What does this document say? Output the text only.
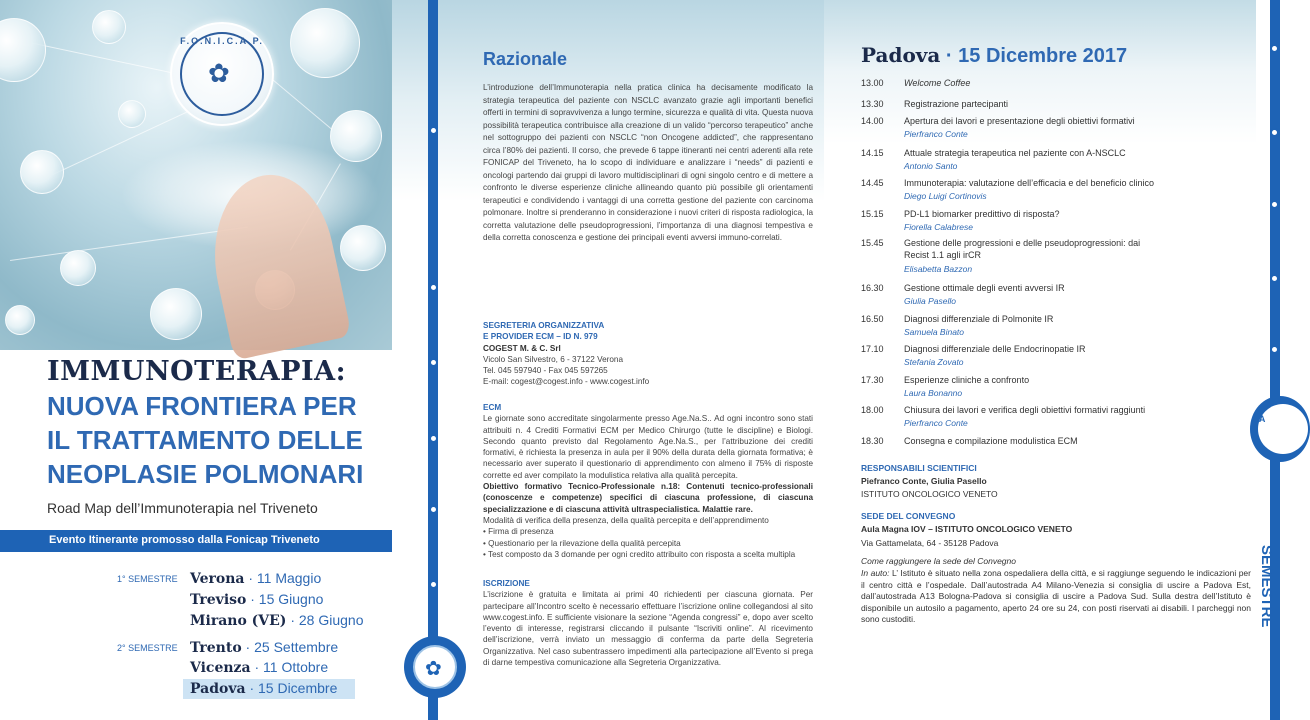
F.O.N.I.C.A.P.
✿
IMMUNOTERAPIA:
NUOVA FRONTIERA PER
IL TRATTAMENTO DELLE
NEOPLASIE POLMONARI
Road Map dell’Immunoterapia nel Triveneto
Evento Itinerante promosso dalla Fonicap Triveneto
1° SEMESTRE
2° SEMESTRE
Verona · 11 Maggio
Treviso · 15 Giugno
Mirano (VE) · 28 Giugno
Trento · 25 Settembre
Vicenza · 11 Ottobre
Padova · 15 Dicembre
✿
Razionale
L’introduzione dell’Immunoterapia nella pratica clinica ha decisamente modificato la strategia terapeutica del paziente con NSCLC avanzato grazie agli importanti benefici offerti in termini di sopravvivenza a lungo termine, sicurezza e qualità di vita. Questa nuova possibilità terapeutica contribuisce alla creazione di un valido “percorso terapeutico” anche nel sottogruppo dei pazienti con NSCLC “non Oncogene addicted”, che rappresentano circa l’80% dei pazienti. Il corso, che prevede 6 tappe itineranti nei centri aderenti alla rete FONICAP del Triveneto, ha lo scopo di individuare e analizzare i “needs” di pazienti e oncologi partendo dai gruppi di lavoro multidisciplinari di ogni singolo centro e di mettere a confronto le diverse esperienze cliniche allineando quanto più possibile gli orientamenti terapeutici e condividendo i vantaggi di una corretta gestione del paziente con carcinoma polmonare. Inoltre si prenderanno in considerazione i nuovi criteri di risposta radiologica, la corretta valutazione delle pseudoprogressioni, l’importanza di una diagnosi tempestiva e della corretta conoscenza e gestione dei principali eventi avversi immuno-correlati.
SEGRETERIA ORGANIZZATIVA
E PROVIDER ECM – ID N. 979
COGEST M. & C. Srl
Vicolo San Silvestro, 6 - 37122 Verona
Tel. 045 597940 - Fax 045 597265
E-mail: cogest@cogest.info - www.cogest.info
ECM
Le giornate sono accreditate singolarmente presso Age.Na.S.. Ad ogni incontro sono stati attribuiti n. 4 Crediti Formativi ECM per Medico Chirurgo (tutte le discipline) e Biologi. Secondo quanto previsto dal Regolamento Age.Na.S., per l’attribuzione dei crediti formativi, è richiesta la presenza in aula per il 90% della durata della giornata formativa; è necessario aver superato il questionario di apprendimento con almeno il 75% di risposte corrette ed aver compilato la modulistica relativa alla qualità percepita.
Obiettivo formativo Tecnico-Professionale n.18: Contenuti tecnico-professionali (conoscenze e competenze) specifici di ciascuna professione, di ciascuna specializzazione e di ciascuna attività ultraspecialistica. Malattie rare.
Modalità di verifica della presenza, della qualità percepita e dell’apprendimento
• Firma di presenza
• Questionario per la rilevazione della qualità percepita
• Test composto da 3 domande per ogni credito attribuito con risposta a scelta multipla
ISCRIZIONE
L’iscrizione è gratuita e limitata ai primi 40 richiedenti per ciascuna giornata. Per partecipare all’Incontro scelto è necessario effettuare l’iscrizione online collegandosi al sito www.cogest.info. E sufficiente visionare la sezione “Agenda congressi” e, dopo aver scelto l’evento di interesse, registrarsi cliccando il pulsante “Iscriviti online”. Al ricevimento dell’iscrizione, verrà inviato un messaggio di conferma da parte della Segreteria Organizzativa. Nel caso subentrassero impedimenti alla partecipazione all’Evento si prega di darne tempestiva comunicazione alla Segreteria Organizzativa.
Padova · 15 Dicembre 2017
13.00 Welcome Coffee
13.30 Registrazione partecipanti
14.00 Apertura dei lavori e presentazione degli obiettivi formativi
Pierfranco Conte
14.15 Attuale strategia terapeutica nel paziente con A-NSCLC
Antonio Santo
14.45 Immunoterapia: valutazione dell’efficacia e del beneficio clinico
Diego Luigi Cortinovis
15.15 PD-L1 biomarker predittivo di risposta?
Fiorella Calabrese
15.45 Gestione delle progressioni e delle pseudoprogressioni: dai Recist 1.1 agli irCR
Elisabetta Bazzon
16.30 Gestione ottimale degli eventi avversi IR
Giulia Pasello
16.50 Diagnosi differenziale di Polmonite IR
Samuela Binato
17.10 Diagnosi differenziale delle Endocrinopatie IR
Stefania Zovato
17.30 Esperienze cliniche a confronto
Laura Bonanno
18.00 Chiusura dei lavori e verifica degli obiettivi formativi raggiunti
Pierfranco Conte
18.30 Consegna e compilazione modulistica ECM
RESPONSABILI SCIENTIFICI
Piefranco Conte, Giulia Pasello
ISTITUTO ONCOLOGICO VENETO
SEDE DEL CONVEGNO
Aula Magna IOV – ISTITUTO ONCOLOGICO VENETO
Via Gattamelata, 64 - 35128 Padova
Come raggiungere la sede del Convegno
In auto: L’ Istituto è situato nella zona ospedaliera della città, e si raggiunge seguendo le indicazioni per il centro città e l’ospedale. Dall’autostrada A4 Milano-Venezia si consiglia di uscire a Padova Est, dall’autostrada A13 Bologna-Padova si consiglia di uscire a Padova Sud. Sulla destra dell’Istituto è disponibile un autosilo a pagamento, aperto 24 ore su 24, con posti riservati ai disabili. I parcheggi non sono custoditi.
TA
SEMESTRE
